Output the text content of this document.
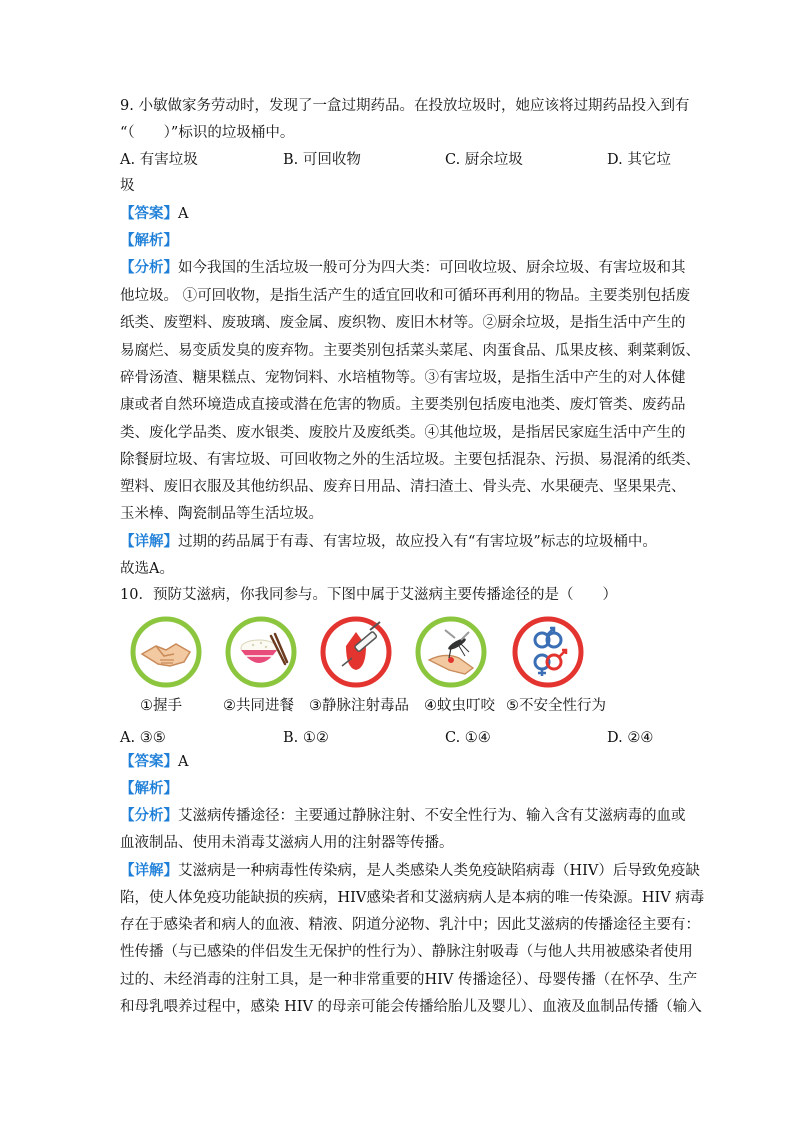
9. 小敏做家务劳动时，发现了一盒过期药品。在投放垃圾时，她应该将过期药品投入到有
“（　　）”标识的垃圾桶中。
A. 有害垃圾	B. 可回收物	C. 厨余垃圾	D. 其它垃
圾
【答案】A
【解析】
【分析】如今我国的生活垃圾一般可分为四大类：可回收垃圾、厨余垃圾、有害垃圾和其
他垃圾。 ①可回收物，是指生活产生的适宜回收和可循环再利用的物品。主要类别包括废
纸类、废塑料、废玻璃、废金属、废织物、废旧木材等。②厨余垃圾，是指生活中产生的
易腐烂、易变质发臭的废弃物。主要类别包括菜头菜尾、肉蛋食品、瓜果皮核、剩菜剩饭、
碎骨汤渣、糖果糕点、宠物饲料、水培植物等。③有害垃圾，是指生活中产生的对人体健
康或者自然环境造成直接或潜在危害的物质。主要类别包括废电池类、废灯管类、废药品
类、废化学品类、废水银类、废胶片及废纸类。④其他垃圾，是指居民家庭生活中产生的
除餐厨垃圾、有害垃圾、可回收物之外的生活垃圾。主要包括混杂、污损、易混淆的纸类、
塑料、废旧衣服及其他纺织品、废弃日用品、清扫渣土、骨头壳、水果硬壳、坚果果壳、
玉米棒、陶瓷制品等生活垃圾。
【详解】过期的药品属于有毒、有害垃圾，故应投入有“有害垃圾”标志的垃圾桶中。
故选A。
10．预防艾滋病，你我同参与。下图中属于艾滋病主要传播途径的是（　　）
①握手	②共同进餐 ③静脉注射毒品 ④蚊虫叮咬 ⑤不安全性行为
A. ③⑤	B. ①②	C. ①④	D. ②④
【答案】A
【解析】
【分析】艾滋病传播途径：主要通过静脉注射、不安全性行为、输入含有艾滋病毒的血或
血液制品、使用未消毒艾滋病人用的注射器等传播。
【详解】艾滋病是一种病毒性传染病，是人类感染人类免疫缺陷病毒（HIV）后导致免疫缺
陷，使人体免疫功能缺损的疾病，HIV感染者和艾滋病病人是本病的唯一传染源。HIV 病毒
存在于感染者和病人的血液、精液、阴道分泌物、乳汁中；因此艾滋病的传播途径主要有：
性传播（与已感染的伴侣发生无保护的性行为）、静脉注射吸毒（与他人共用被感染者使用
过的、未经消毒的注射工具，是一种非常重要的HIV 传播途径）、母婴传播（在怀孕、生产
和母乳喂养过程中，感染 HIV 的母亲可能会传播给胎儿及婴儿）、血液及血制品传播（输入
